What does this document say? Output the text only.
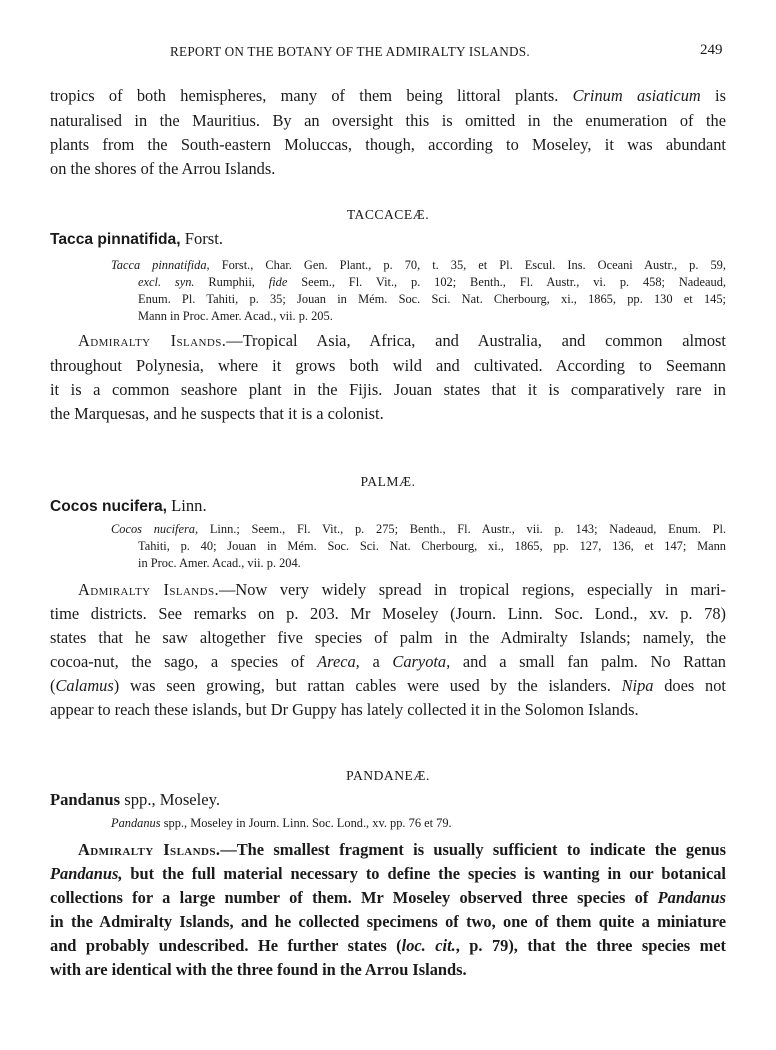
REPORT ON THE BOTANY OF THE ADMIRALTY ISLANDS.	249
tropics of both hemispheres, many of them being littoral plants. Crinum asiaticum is
naturalised in the Mauritius. By an oversight this is omitted in the enumeration of the
plants from the South-eastern Moluccas, though, according to Moseley, it was abundant
on the shores of the Arrou Islands.
TACCACEÆ.
Tacca pinnatifida, Forst.
Tacca pinnatifida, Forst., Char. Gen. Plant., p. 70, t. 35, et Pl. Escul. Ins. Oceani Austr., p. 59,
excl. syn. Rumphii, fide Seem., Fl. Vit., p. 102; Benth., Fl. Austr., vi. p. 458; Nadeaud,
Enum. Pl. Tahiti, p. 35; Jouan in Mém. Soc. Sci. Nat. Cherbourg, xi., 1865, pp. 130 et 145;
Mann in Proc. Amer. Acad., vii. p. 205.
Admiralty Islands.—Tropical Asia, Africa, and Australia, and common almost
throughout Polynesia, where it grows both wild and cultivated. According to Seemann
it is a common seashore plant in the Fijis. Jouan states that it is comparatively rare in
the Marquesas, and he suspects that it is a colonist.
PALMÆ.
Cocos nucifera, Linn.
Cocos nucifera, Linn.; Seem., Fl. Vit., p. 275; Benth., Fl. Austr., vii. p. 143; Nadeaud, Enum. Pl.
Tahiti, p. 40; Jouan in Mém. Soc. Sci. Nat. Cherbourg, xi., 1865, pp. 127, 136, et 147; Mann
in Proc. Amer. Acad., vii. p. 204.
Admiralty Islands.—Now very widely spread in tropical regions, especially in mari-
time districts. See remarks on p. 203. Mr Moseley (Journ. Linn. Soc. Lond., xv. p. 78)
states that he saw altogether five species of palm in the Admiralty Islands; namely, the
cocoa-nut, the sago, a species of Areca, a Caryota, and a small fan palm. No Rattan
(Calamus) was seen growing, but rattan cables were used by the islanders. Nipa does not
appear to reach these islands, but Dr Guppy has lately collected it in the Solomon Islands.
PANDANEÆ.
Pandanus spp., Moseley.
Pandanus spp., Moseley in Journ. Linn. Soc. Lond., xv. pp. 76 et 79.
Admiralty Islands.—The smallest fragment is usually sufficient to indicate the genus
Pandanus, but the full material necessary to define the species is wanting in our botanical
collections for a large number of them. Mr Moseley observed three species of Pandanus
in the Admiralty Islands, and he collected specimens of two, one of them quite a miniature
and probably undescribed. He further states (loc. cit., p. 79), that the three species met
with are identical with the three found in the Arrou Islands.
